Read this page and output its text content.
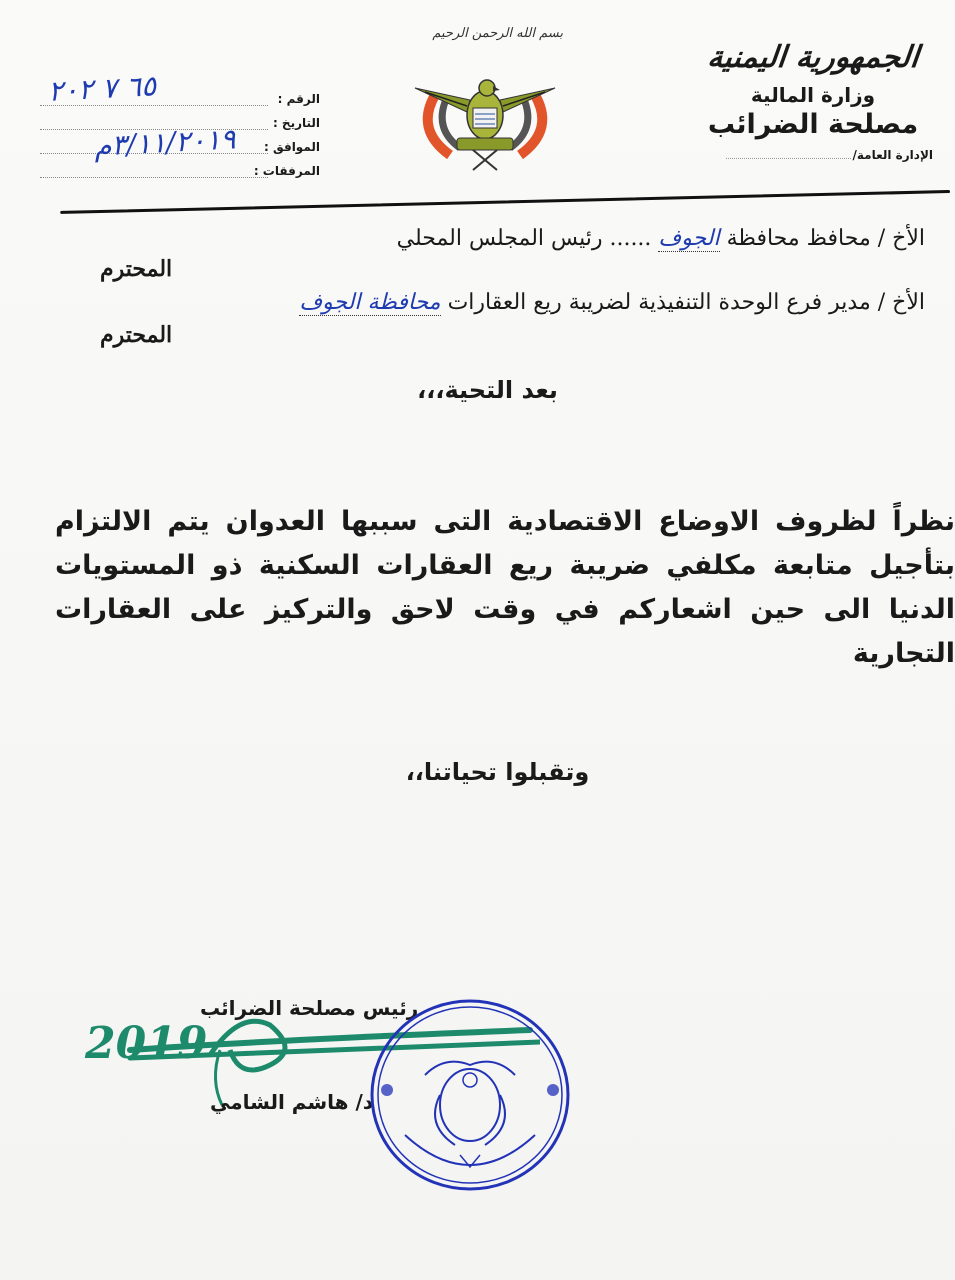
الجمهورية اليمنية
وزارة المالية
مصلحة الضرائب
الإدارة العامة/
بسم الله الرحمن الرحيم
الرقم :
التاريخ :
الموافق :
المرفقات :
٦٥ ٧ ٢٠٢
٣/١١/٢٠١٩م
الأخ / محافظ محافظة الجوف ...... رئيس المجلس المحلي
المحترم
الأخ / مدير فرع الوحدة التنفيذية لضريبة ريع العقارات محافظة الجوف
المحترم
بعد التحية،،،
نظراً لظروف الاوضاع الاقتصادية التى سببها العدوان يتم الالتزام بتأجيل متابعة مكلفي ضريبة ريع العقارات السكنية ذو المستويات الدنيا الى حين اشعاركم في وقت لاحق والتركيز على العقارات التجارية
وتقبلوا تحياتنا،،
رئيس مصلحة الضرائب
2019
د/ هاشم الشامي
